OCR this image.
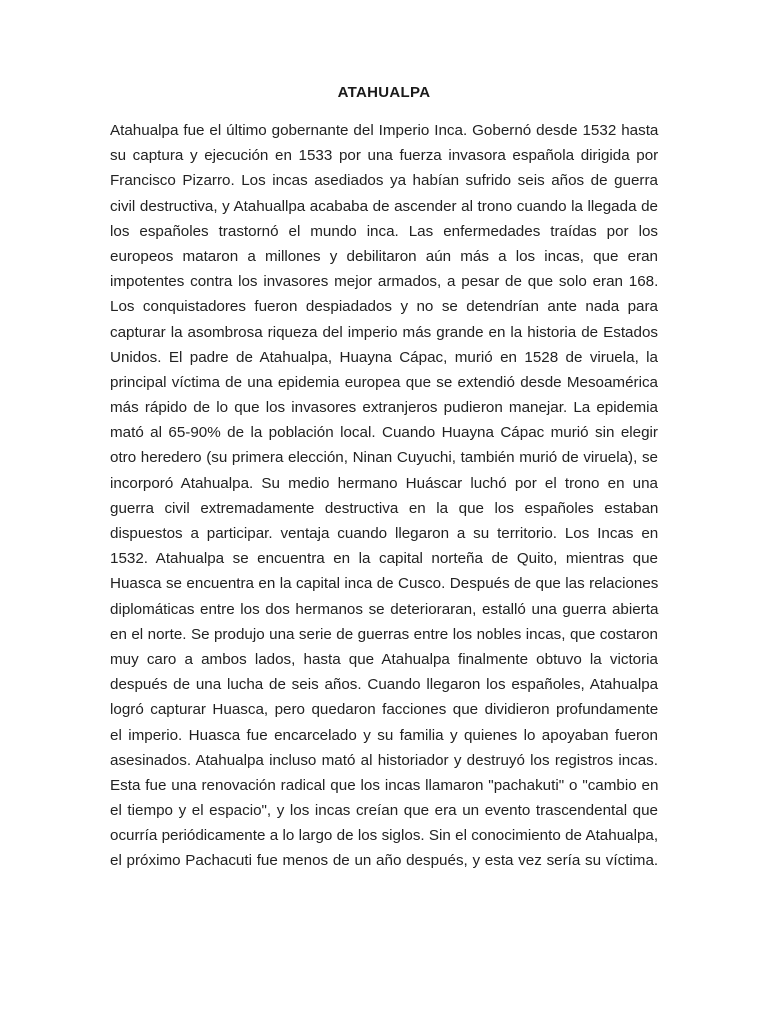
ATAHUALPA
Atahualpa fue el último gobernante del Imperio Inca. Gobernó desde 1532 hasta
su captura y ejecución en 1533 por una fuerza invasora española dirigida por
Francisco Pizarro. Los incas asediados ya habían sufrido seis años de guerra
civil destructiva, y Atahuallpa acababa de ascender al trono cuando la llegada de
los españoles trastornó el mundo inca. Las enfermedades traídas por los
europeos mataron a millones y debilitaron aún más a los incas, que eran
impotentes contra los invasores mejor armados, a pesar de que solo eran 168.
Los conquistadores fueron despiadados y no se detendrían ante nada para
capturar la asombrosa riqueza del imperio más grande en la historia de Estados
Unidos. El padre de Atahualpa, Huayna Cápac, murió en 1528 de viruela, la
principal víctima de una epidemia europea que se extendió desde Mesoamérica
más rápido de lo que los invasores extranjeros pudieron manejar. La epidemia
mató al 65-90% de la población local. Cuando Huayna Cápac murió sin elegir
otro heredero (su primera elección, Ninan Cuyuchi, también murió de viruela), se
incorporó Atahualpa. Su medio hermano Huáscar luchó por el trono en una
guerra civil extremadamente destructiva en la que los españoles estaban
dispuestos a participar. ventaja cuando llegaron a su territorio. Los Incas en
1532. Atahualpa se encuentra en la capital norteña de Quito, mientras que
Huasca se encuentra en la capital inca de Cusco. Después de que las relaciones
diplomáticas entre los dos hermanos se deterioraran, estalló una guerra abierta
en el norte. Se produjo una serie de guerras entre los nobles incas, que costaron
muy caro a ambos lados, hasta que Atahualpa finalmente obtuvo la victoria
después de una lucha de seis años. Cuando llegaron los españoles, Atahualpa
logró capturar Huasca, pero quedaron facciones que dividieron profundamente
el imperio. Huasca fue encarcelado y su familia y quienes lo apoyaban fueron
asesinados. Atahualpa incluso mató al historiador y destruyó los registros incas.
Esta fue una renovación radical que los incas llamaron "pachakuti" o "cambio en
el tiempo y el espacio", y los incas creían que era un evento trascendental que
ocurría periódicamente a lo largo de los siglos. Sin el conocimiento de Atahualpa,
el próximo Pachacuti fue menos de un año después, y esta vez sería su víctima.
